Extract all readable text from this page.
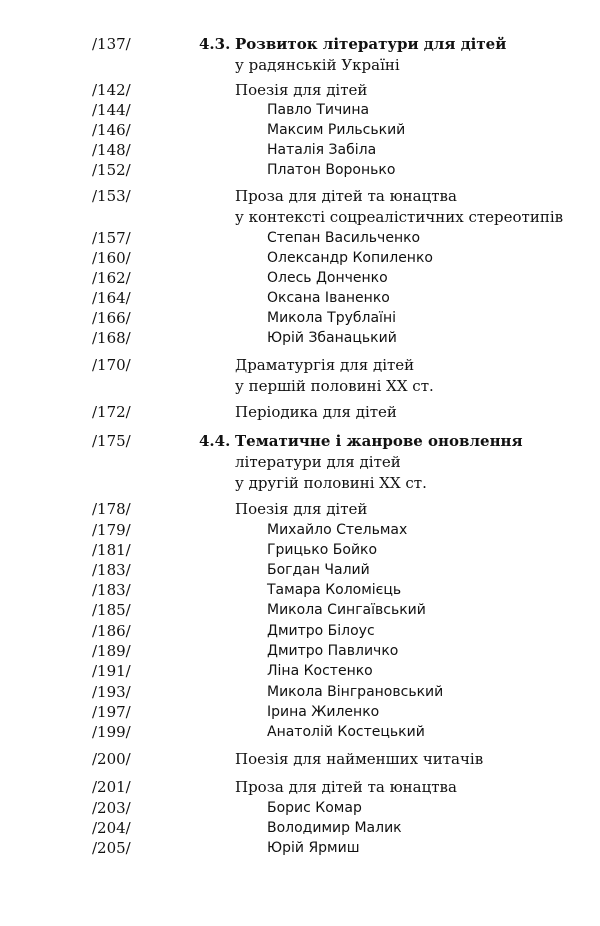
/137/	4.3. Розвиток літератури для дітей
у радянській Україні
/142/	Поезія для дітей
/144/	Павло Тичина
/146/	Максим Рильський
/148/	Наталія Забіла
/152/	Платон Воронько
/153/	Проза для дітей та юнацтва
у контексті соцреалістичних стереотипів
/157/	Степан Васильченко
/160/	Олександр Копиленко
/162/	Олесь Донченко
/164/	Оксана Іваненко
/166/	Микола Трублаїні
/168/	Юрій Збанацький
/170/	Драматургія для дітей
у першій половині XX ст.
/172/	Періодика для дітей
/175/	4.4. Тематичне і жанрове оновлення
літератури для дітей
у другій половині XX ст.
/178/	Поезія для дітей
/179/	Михайло Стельмах
/181/	Грицько Бойко
/183/	Богдан Чалий
/183/	Тамара Коломієць
/185/	Микола Сингаївський
/186/	Дмитро Білоус
/189/	Дмитро Павличко
/191/	Ліна Костенко
/193/	Микола Вінграновський
/197/	Ірина Жиленко
/199/	Анатолій Костецький
/200/	Поезія для найменших читачів
/201/	Проза для дітей та юнацтва
/203/	Борис Комар
/204/	Володимир Малик
/205/	Юрій Ярмиш
